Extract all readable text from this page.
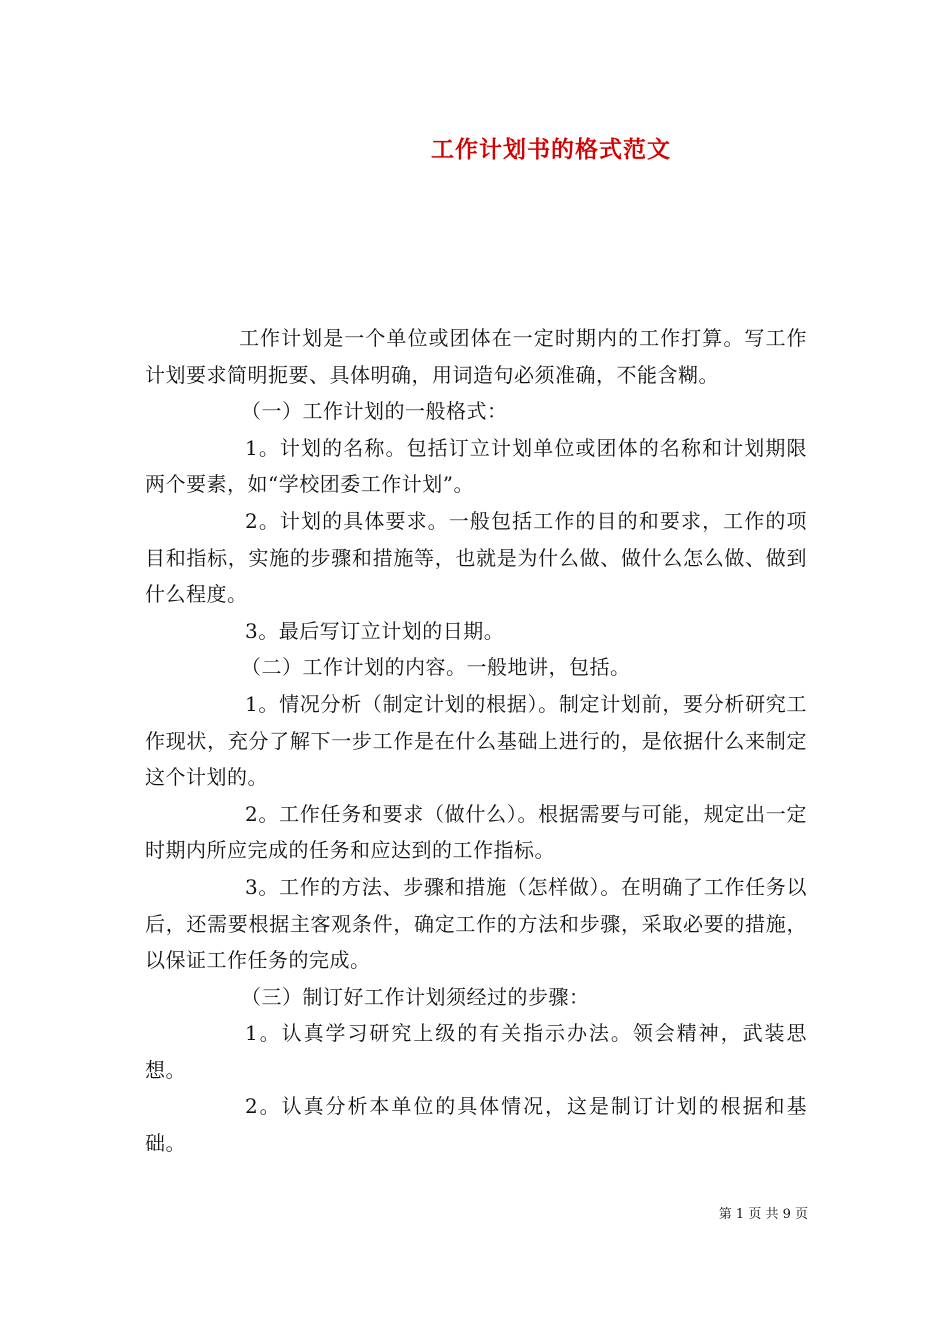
工作计划书的格式范文

工作计划是一个单位或团体在一定时期内的工作打算。写工作计划要求简明扼要、具体明确，用词造句必须准确，不能含糊。

（一）工作计划的一般格式：

1。计划的名称。包括订立计划单位或团体的名称和计划期限两个要素，如“学校团委工作计划”。

2。计划的具体要求。一般包括工作的目的和要求，工作的项目和指标，实施的步骤和措施等，也就是为什么做、做什么怎么做、做到什么程度。

3。最后写订立计划的日期。

（二）工作计划的内容。一般地讲，包括。

1。情况分析（制定计划的根据）。制定计划前，要分析研究工作现状，充分了解下一步工作是在什么基础上进行的，是依据什么来制定这个计划的。

2。工作任务和要求（做什么）。根据需要与可能，规定出一定时期内所应完成的任务和应达到的工作指标。

3。工作的方法、步骤和措施（怎样做）。在明确了工作任务以后，还需要根据主客观条件，确定工作的方法和步骤，采取必要的措施，以保证工作任务的完成。

（三）制订好工作计划须经过的步骤：

1。认真学习研究上级的有关指示办法。领会精神，武装思想。

2。认真分析本单位的具体情况，这是制订计划的根据和基础。

第 1 页 共 9 页
